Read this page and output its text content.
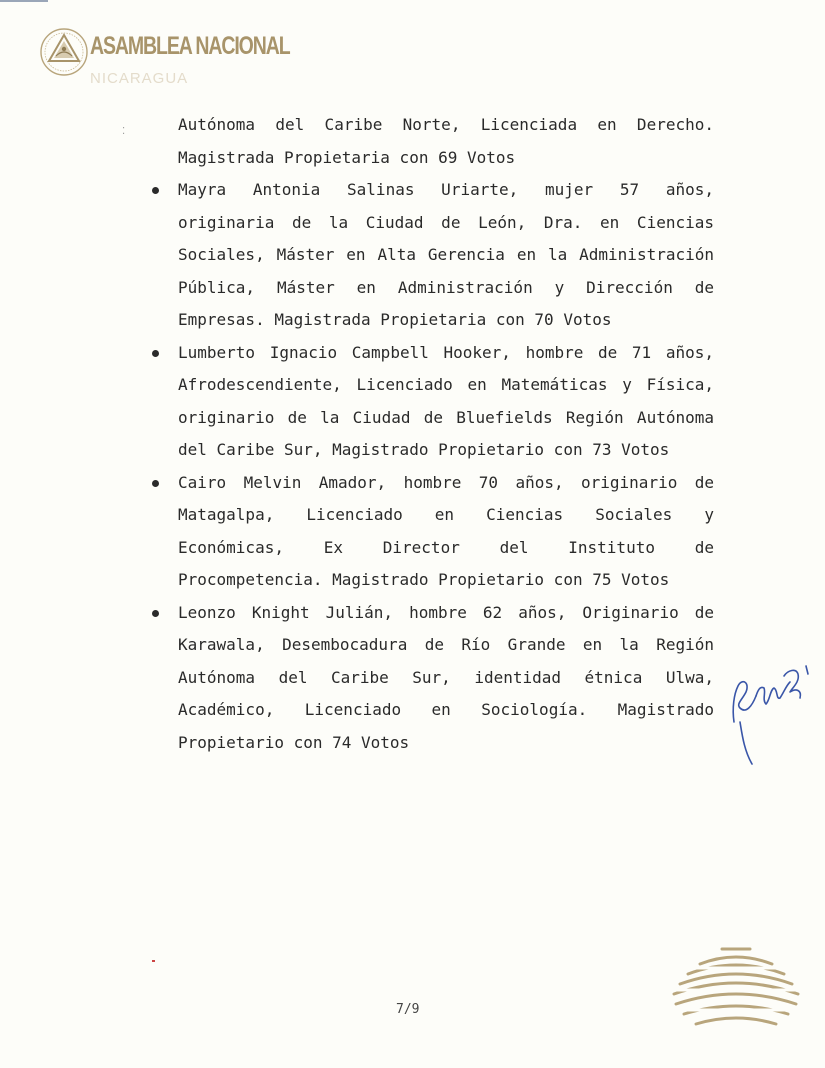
ASAMBLEA NACIONAL
NICARAGUA
⁚	Autónoma del Caribe Norte, Licenciada en Derecho. Magistrada Propietaria con 69 Votos

Mayra Antonia Salinas Uriarte, mujer 57 años, originaria de la Ciudad de León, Dra. en Ciencias Sociales, Máster en Alta Gerencia en la Administración Pública, Máster en Administración y Dirección de Empresas. Magistrada Propietaria con 70 Votos

Lumberto Ignacio Campbell Hooker, hombre de 71 años, Afrodescendiente, Licenciado en Matemáticas y Física, originario de la Ciudad de Bluefields Región Autónoma del Caribe Sur, Magistrado Propietario con 73 Votos

Cairo Melvin Amador, hombre 70 años, originario de Matagalpa, Licenciado en Ciencias Sociales y Económicas, Ex Director del Instituto de Procompetencia. Magistrado Propietario con 75 Votos

Leonzo Knight Julián, hombre 62 años, Originario de Karawala, Desembocadura de Río Grande en la Región Autónoma del Caribe Sur, identidad étnica Ulwa, Académico, Licenciado en Sociología. Magistrado Propietario con 74 Votos

7/9
